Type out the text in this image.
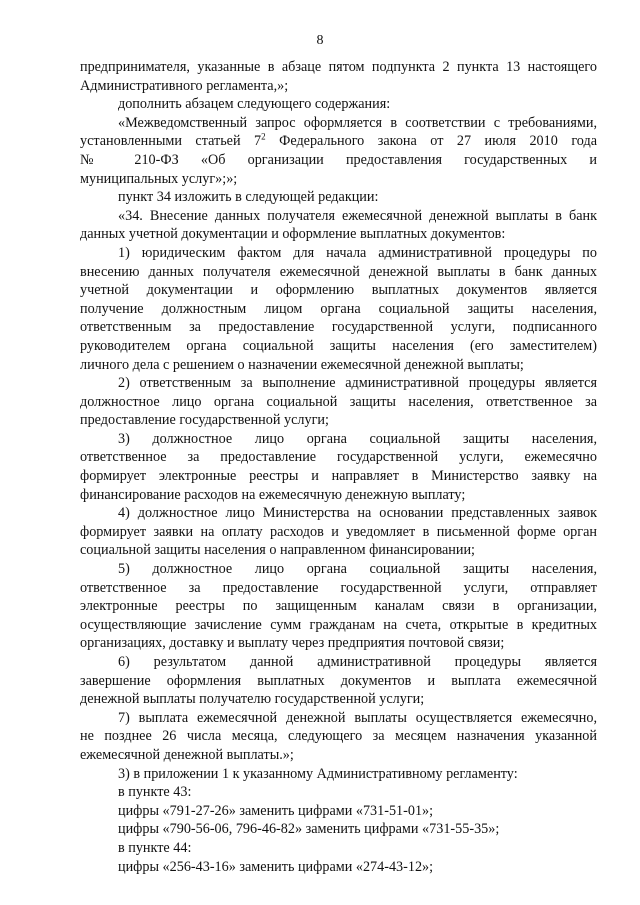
8
предпринимателя, указанные в абзаце пятом подпункта 2 пункта 13 настоящего
Административного регламента,»;
дополнить абзацем следующего содержания:
«Межведомственный запрос оформляется в соответствии с требованиями,
установленными статьей $7^2$ Федерального закона от 27 июля 2010 года
№ 210-ФЗ «Об организации предоставления государственных и
муниципальных услуг»;»;
пункт 34 изложить в следующей редакции:
«34. Внесение данных получателя ежемесячной денежной выплаты в банк
данных учетной документации и оформление выплатных документов:
1) юридическим фактом для начала административной процедуры по
внесению данных получателя ежемесячной денежной выплаты в банк данных
учетной документации и оформлению выплатных документов является
получение должностным лицом органа социальной защиты населения,
ответственным за предоставление государственной услуги, подписанного
руководителем органа социальной защиты населения (его заместителем)
личного дела с решением о назначении ежемесячной денежной выплаты;
2) ответственным за выполнение административной процедуры является
должностное лицо органа социальной защиты населения, ответственное за
предоставление государственной услуги;
3) должностное лицо органа социальной защиты населения,
ответственное за предоставление государственной услуги, ежемесячно
формирует электронные реестры и направляет в Министерство заявку на
финансирование расходов на ежемесячную денежную выплату;
4) должностное лицо Министерства на основании представленных заявок
формирует заявки на оплату расходов и уведомляет в письменной форме орган
социальной защиты населения о направленном финансировании;
5) должностное лицо органа социальной защиты населения,
ответственное за предоставление государственной услуги, отправляет
электронные реестры по защищенным каналам связи в организации,
осуществляющие зачисление сумм гражданам на счета, открытые в кредитных
организациях, доставку и выплату через предприятия почтовой связи;
6) результатом данной административной процедуры является
завершение оформления выплатных документов и выплата ежемесячной
денежной выплаты получателю государственной услуги;
7) выплата ежемесячной денежной выплаты осуществляется ежемесячно,
не позднее 26 числа месяца, следующего за месяцем назначения указанной
ежемесячной денежной выплаты.»;
3) в приложении 1 к указанному Административному регламенту:
в пункте 43:
цифры «791-27-26» заменить цифрами «731-51-01»;
цифры «790-56-06, 796-46-82» заменить цифрами «731-55-35»;
в пункте 44:
цифры «256-43-16» заменить цифрами «274-43-12»;
